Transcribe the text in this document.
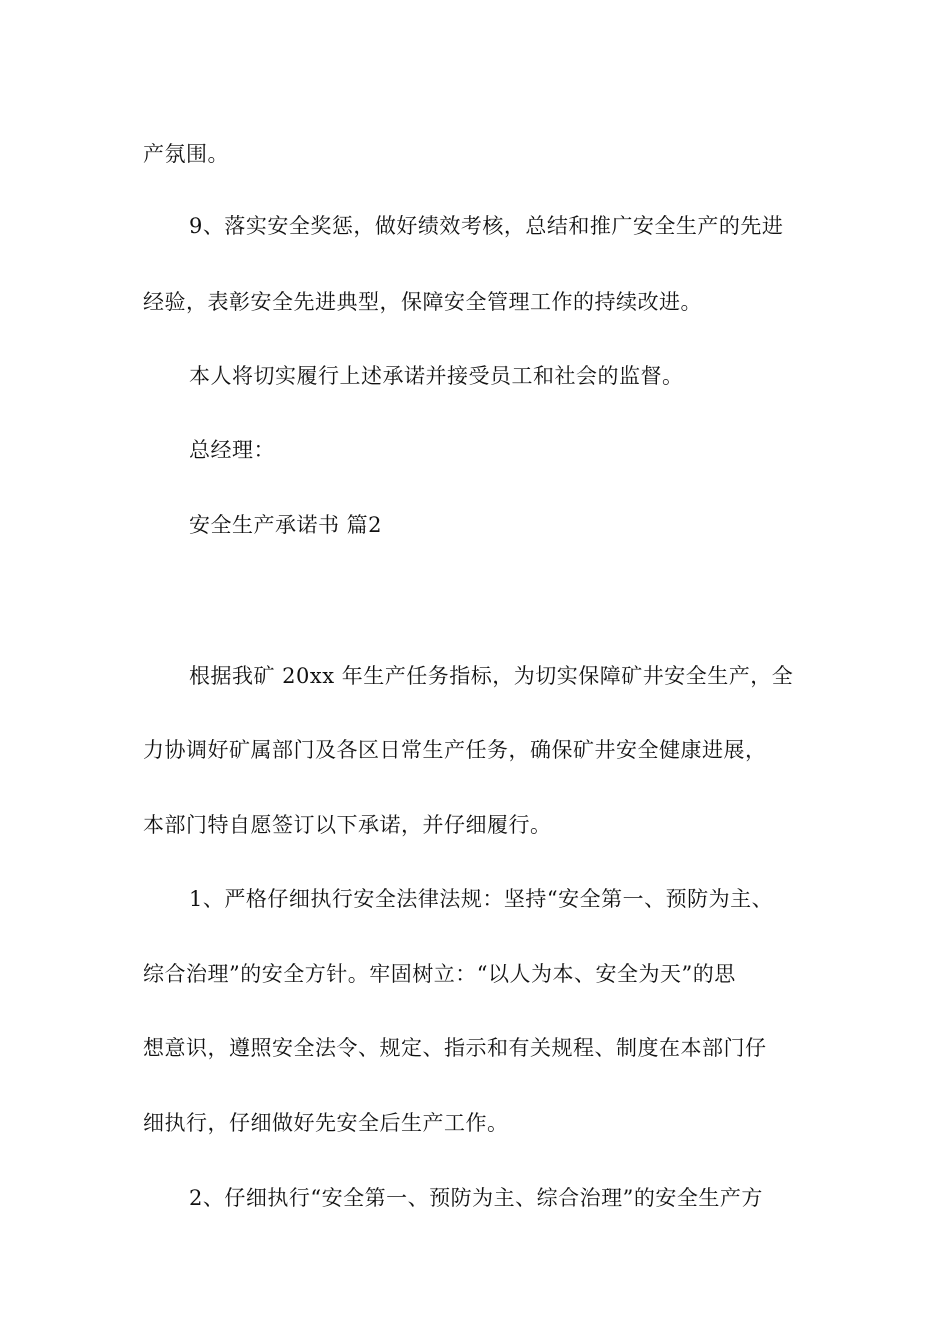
产氛围。
9、落实安全奖惩，做好绩效考核，总结和推广安全生产的先进
经验，表彰安全先进典型，保障安全管理工作的持续改进。
本人将切实履行上述承诺并接受员工和社会的监督。
总经理：
安全生产承诺书 篇2
根据我矿 20xx 年生产任务指标，为切实保障矿井安全生产，全
力协调好矿属部门及各区日常生产任务，确保矿井安全健康进展，
本部门特自愿签订以下承诺，并仔细履行。
1、严格仔细执行安全法律法规：坚持“安全第一、预防为主、
综合治理”的安全方针。牢固树立：“以人为本、安全为天”的思
想意识，遵照安全法令、规定、指示和有关规程、制度在本部门仔
细执行，仔细做好先安全后生产工作。
2、仔细执行“安全第一、预防为主、综合治理”的安全生产方
